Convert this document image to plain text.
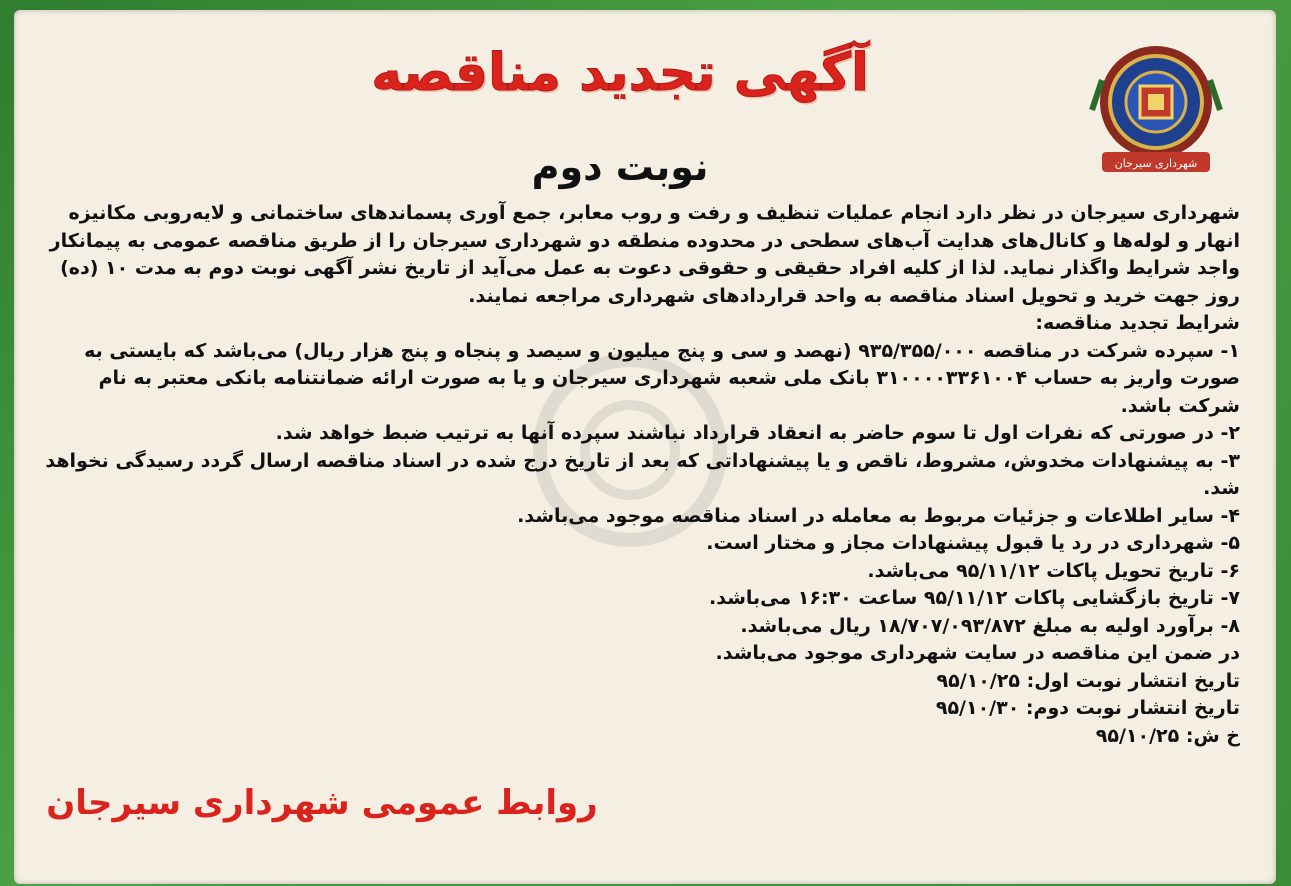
آگهی تجدید مناقصه
نوبت دوم	شهرداری سیرجان

شهرداری سیرجان در نظر دارد انجام عملیات تنظیف و رفت و روب معابر، جمع آوری پسماندهای ساختمانی و لایه‌روبی مکانیزه انهار و لوله‌ها و کانال‌های هدایت آب‌های سطحی در محدوده منطقه دو شهرداری سیرجان را از طریق مناقصه عمومی به پیمانکار واجد شرایط واگذار نماید. لذا از کلیه افراد حقیقی و حقوقی دعوت به عمل می‌آید از تاریخ نشر آگهی نوبت دوم به مدت ۱۰ (ده) روز جهت خرید و تحویل اسناد مناقصه به واحد قراردادهای شهرداری مراجعه نمایند.

شرایط تجدید مناقصه:

۱- سپرده شرکت در مناقصه ۹۳۵/۳۵۵/۰۰۰ (نهصد و سی و پنج میلیون و سیصد و پنجاه و پنج هزار ریال) می‌باشد که بایستی به صورت واریز به حساب ۳۱۰۰۰۰۳۳۶۱۰۰۴ بانک ملی شعبه شهرداری سیرجان و یا به صورت ارائه ضمانتنامه بانکی معتبر به نام شرکت باشد.

۲- در صورتی که نفرات اول تا سوم حاضر به انعقاد قرارداد نباشند سپرده آنها به ترتیب ضبط خواهد شد.

۳- به پیشنهادات مخدوش، مشروط، ناقص و یا پیشنهاداتی که بعد از تاریخ درج شده در اسناد مناقصه ارسال گردد رسیدگی نخواهد شد.

۴- سایر اطلاعات و جزئیات مربوط به معامله در اسناد مناقصه موجود می‌باشد.

۵- شهرداری در رد یا قبول پیشنهادات مجاز و مختار است.

۶- تاریخ تحویل پاکات ۹۵/۱۱/۱۲ می‌باشد.

۷- تاریخ بازگشایی پاکات ۹۵/۱۱/۱۲ ساعت ۱۶:۳۰ می‌باشد.

۸- برآورد اولیه به مبلغ ۱۸/۷۰۷/۰۹۳/۸۷۲ ریال می‌باشد.

در ضمن این مناقصه در سایت شهرداری موجود می‌باشد.

تاریخ انتشار نوبت اول: ۹۵/۱۰/۲۵

تاریخ انتشار نوبت دوم: ۹۵/۱۰/۳۰

خ ش: ۹۵/۱۰/۲۵

روابط عمومی شهرداری سیرجان
